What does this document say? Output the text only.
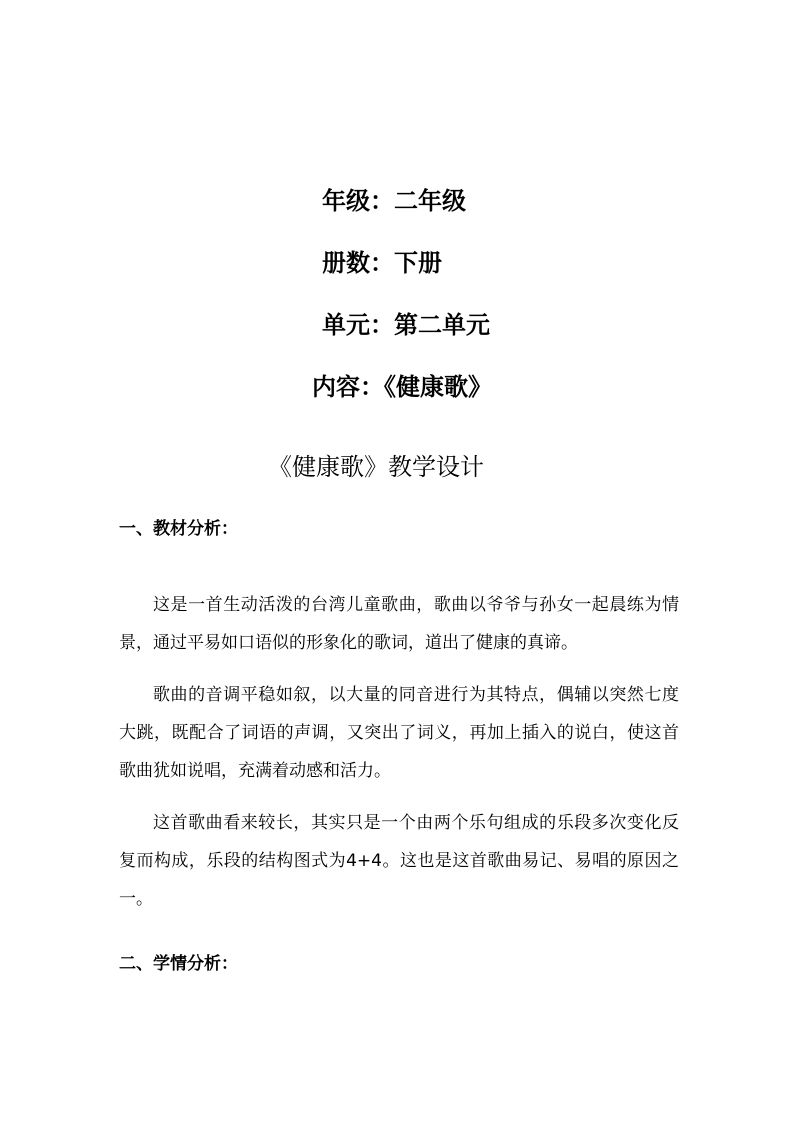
年级：二年级
册数：下册
单元：第二单元
内容：《健康歌》
《健康歌》教学设计
一、教材分析：
这是一首生动活泼的台湾儿童歌曲，歌曲以爷爷与孙女一起晨练为情景，通过平易如口语似的形象化的歌词，道出了健康的真谛。
歌曲的音调平稳如叙，以大量的同音进行为其特点，偶辅以突然七度大跳，既配合了词语的声调，又突出了词义，再加上插入的说白，使这首歌曲犹如说唱，充满着动感和活力。
这首歌曲看来较长，其实只是一个由两个乐句组成的乐段多次变化反复而构成，乐段的结构图式为4+4。这也是这首歌曲易记、易唱的原因之一。
二、学情分析：
